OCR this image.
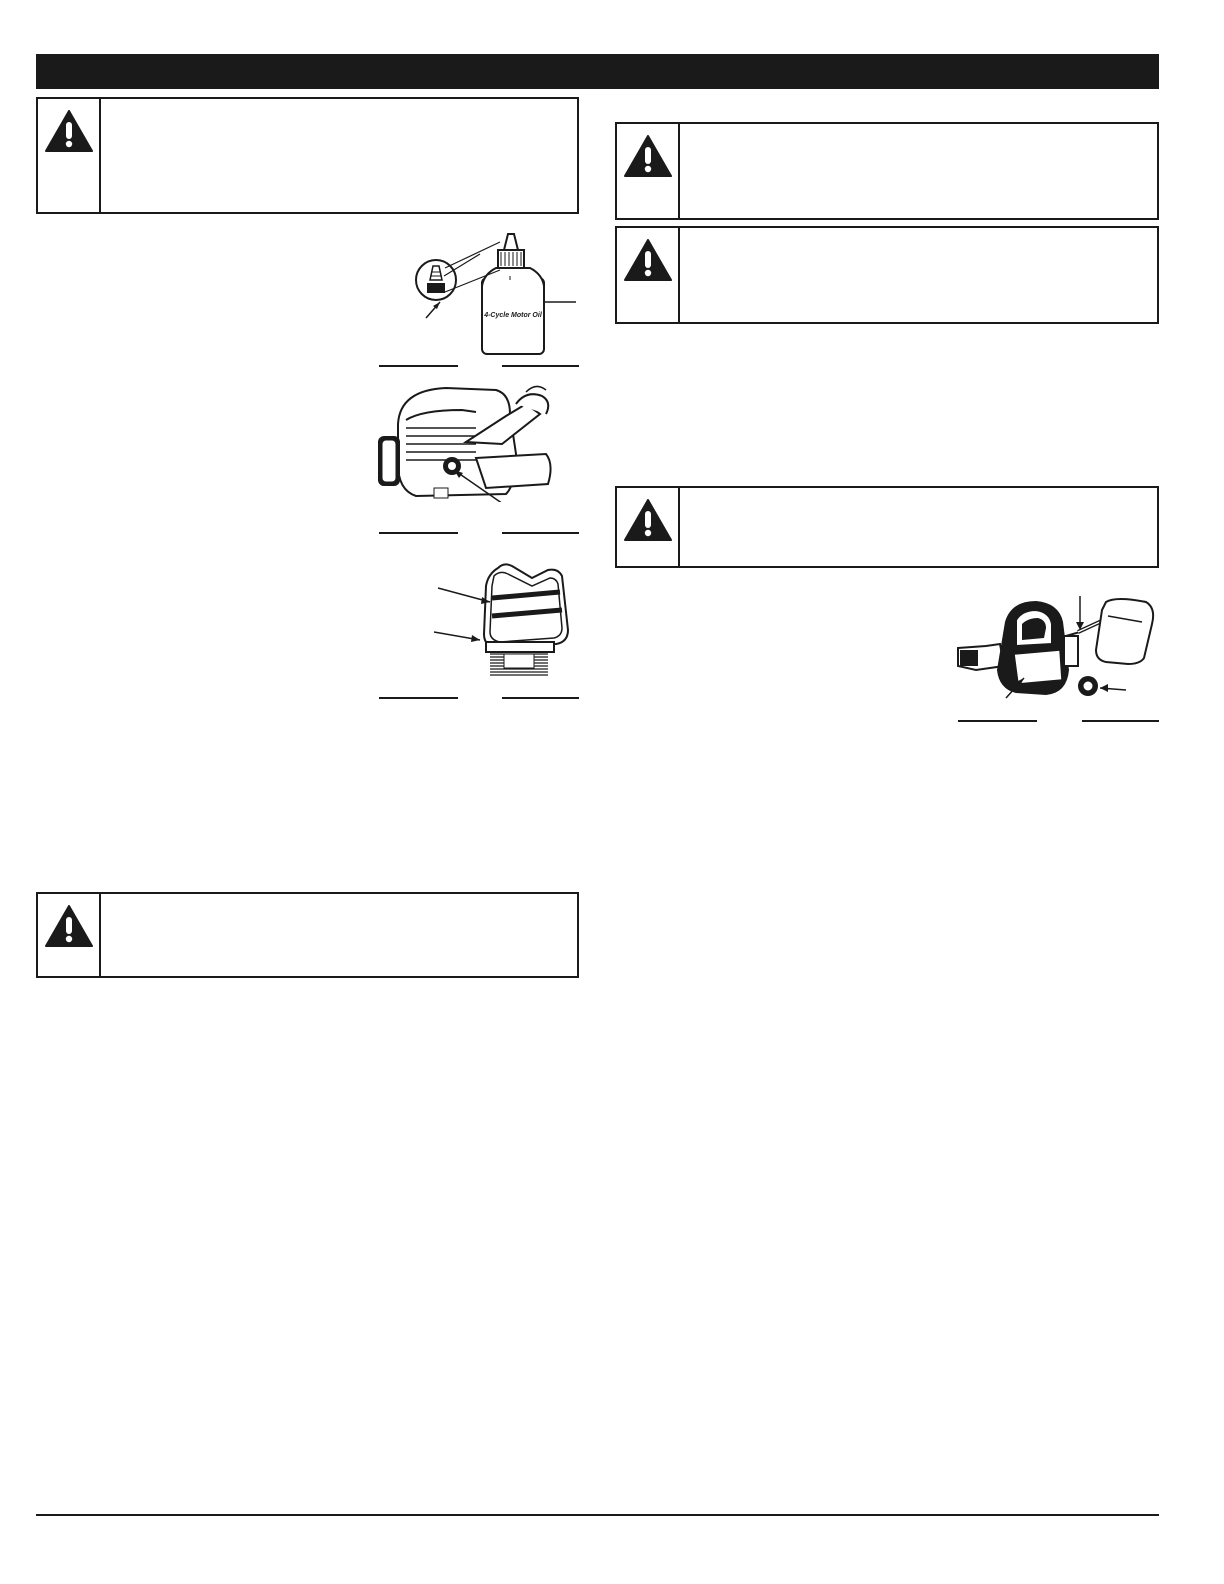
4-Cycle Motor Oil
